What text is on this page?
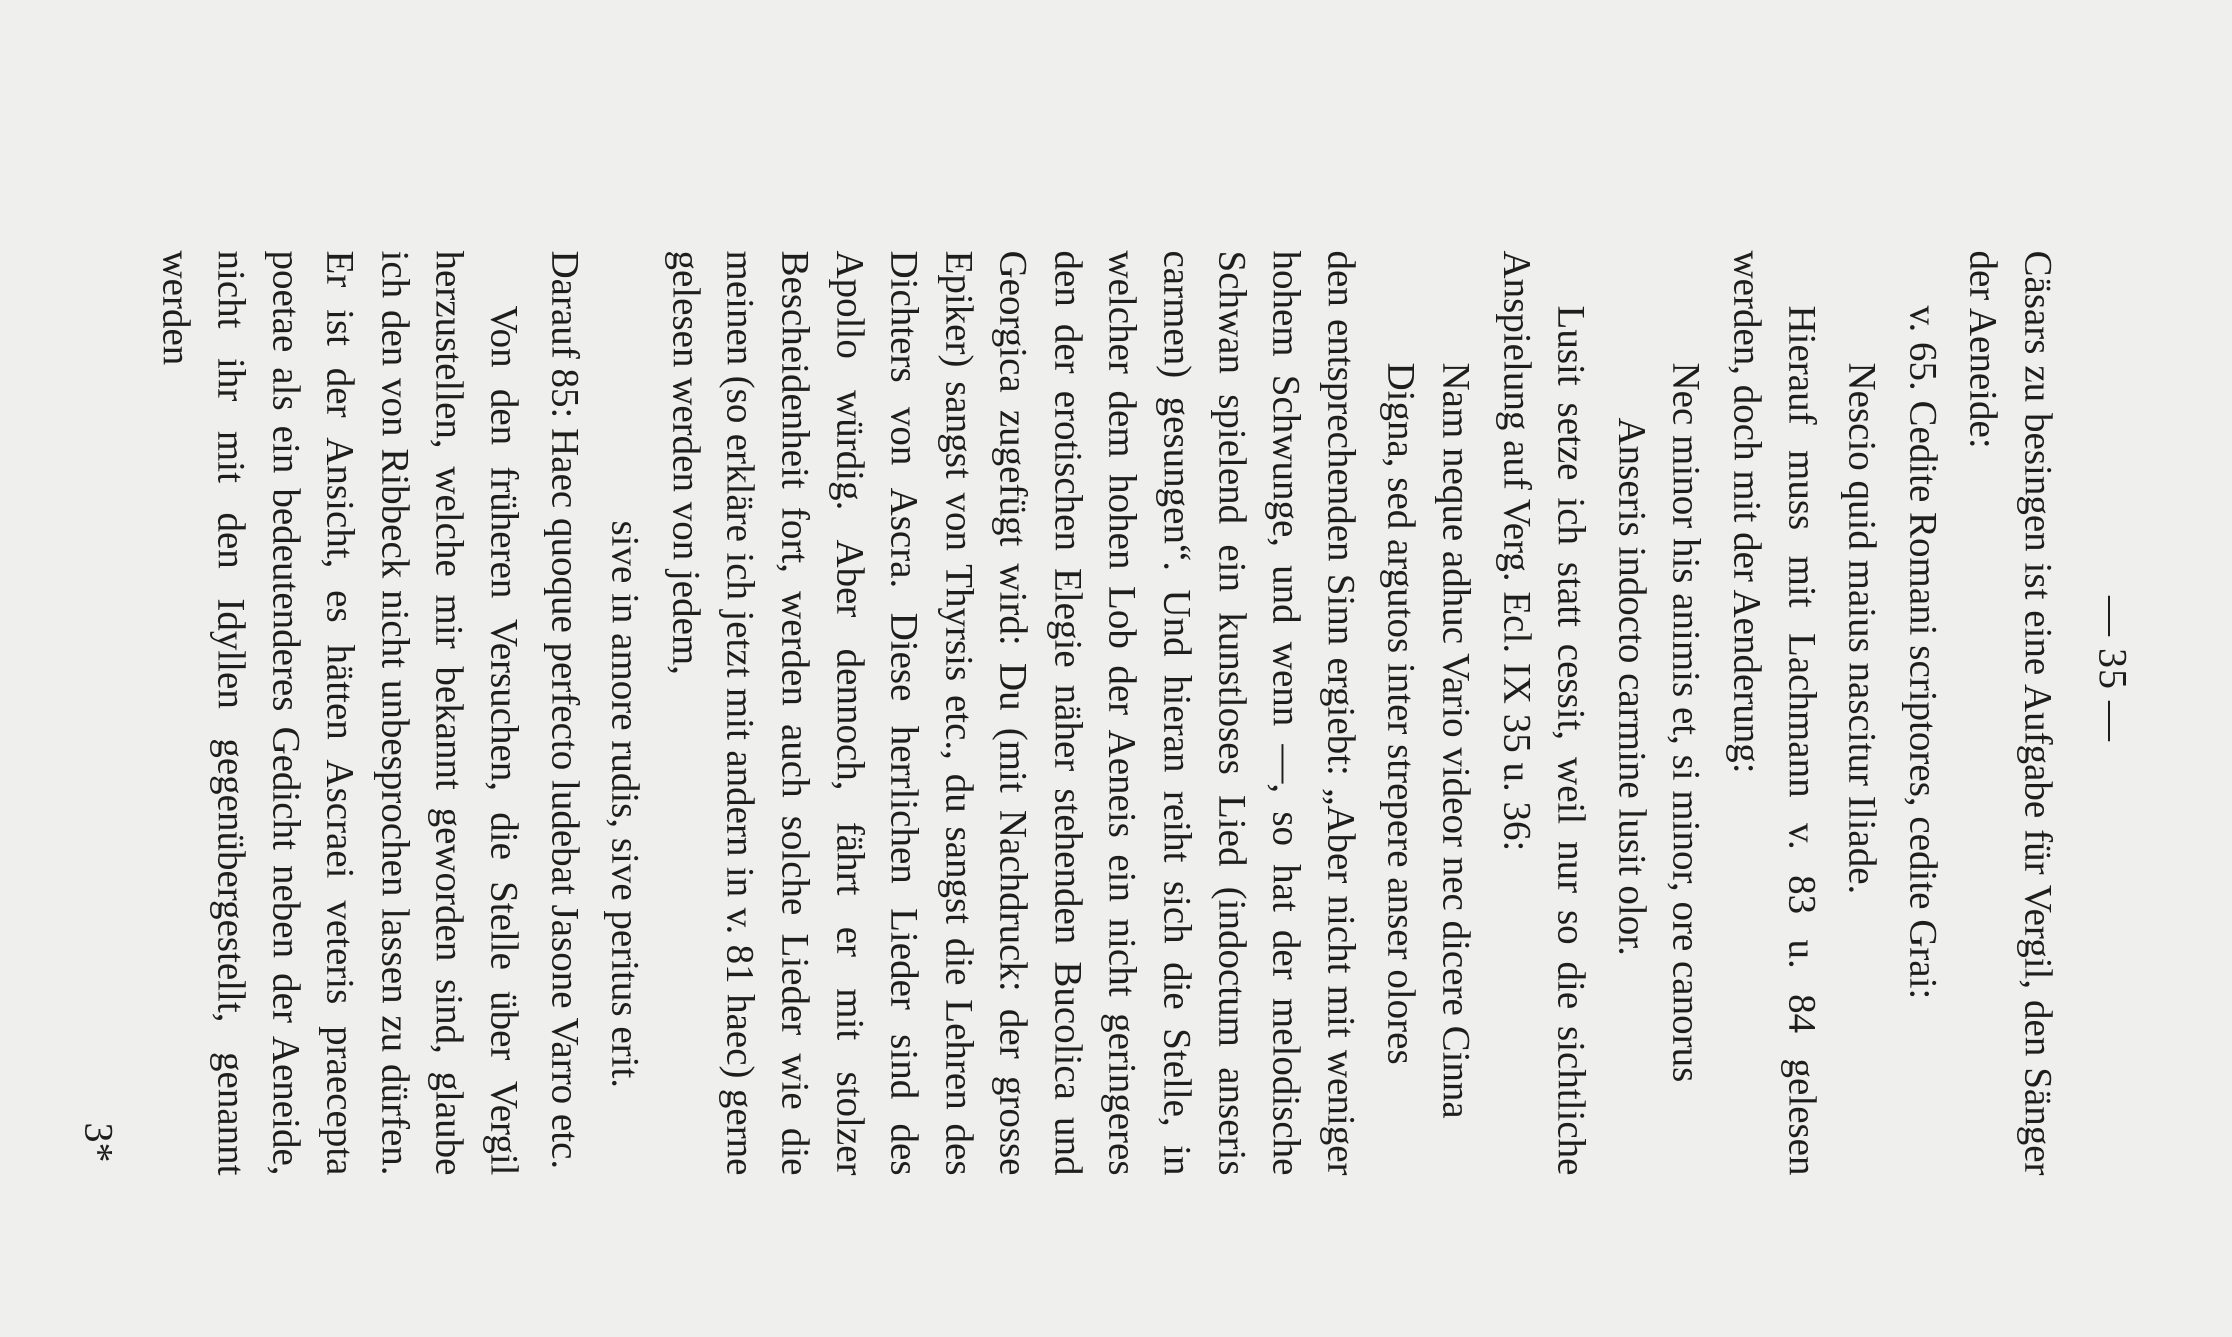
— 35 —

Cäsars zu besingen ist eine Aufgabe für Vergil, den Sänger der Aeneide:

v. 65. Cedite Romani scriptores, cedite Grai:
Nescio quid maius nascitur Iliade.

Hierauf muss mit Lachmann v. 83 u. 84 gelesen werden, doch mit der Aenderung:

Nec minor his animis et, si minor, ore canorus
Anseris indocto carmine lusit olor.

Lusit setze ich statt cessit, weil nur so die sichtliche Anspielung auf Verg. Ecl. IX 35 u. 36:

Nam neque adhuc Vario videor nec dicere Cinna
Digna, sed argutos inter strepere anser olores

den entsprechenden Sinn ergiebt: „Aber nicht mit weniger hohem Schwunge, und wenn —, so hat der melodische Schwan spielend ein kunstloses Lied (indoctum anseris carmen) gesungen“. Und hieran reiht sich die Stelle, in welcher dem hohen Lob der Aeneis ein nicht geringeres den der erotischen Elegie näher stehenden Bucolica und Georgica zugefügt wird: Du (mit Nachdruck: der grosse Epiker) sangst von Thyrsis etc., du sangst die Lehren des Dichters von Ascra. Diese herrlichen Lieder sind des Apollo würdig. Aber dennoch, fährt er mit stolzer Bescheidenheit fort, werden auch solche Lieder wie die meinen (so erkläre ich jetzt mit andern in v. 81 haec) gerne gelesen werden von jedem,

sive in amore rudis, sive peritus erit.

Darauf 85: Haec quoque perfecto ludebat Jasone Varro etc.

Von den früheren Versuchen, die Stelle über Vergil herzustellen, welche mir bekannt geworden sind, glaube ich den von Ribbeck nicht unbesprochen lassen zu dürfen. Er ist der Ansicht, es hätten Ascraei veteris praecepta poetae als ein bedeutenderes Gedicht neben der Aeneide, nicht ihr mit den Idyllen gegenübergestellt, genannt werden

3*
